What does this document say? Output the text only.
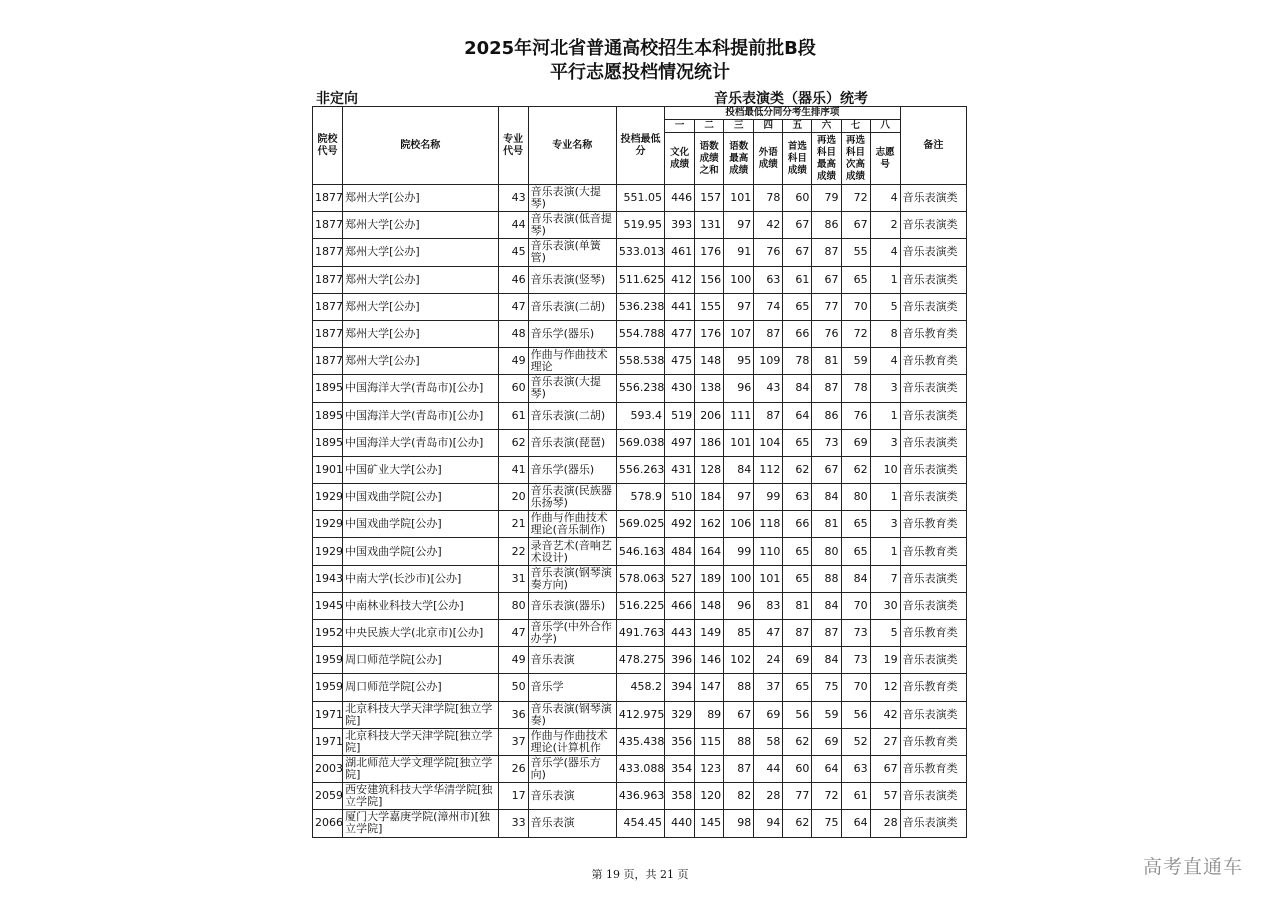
2025年河北省普通高校招生本科提前批B段
平行志愿投档情况统计
非定向	音乐表演类（器乐）统考
院校代号	院校名称	专业代号	专业名称	投档最低分	投档最低分同分考生排序项								备注
					一	二	三	四	五	六	七	八	
					文化成绩	语数成绩之和	语数最高成绩	外语成绩	首选科目成绩	再选科目最高成绩	再选科目次高成绩	志愿号	

1877	郑州大学[公办]	43	音乐表演(大提琴)	551.05	446	157	101	78	60	79	72	4	音乐表演类

1877	郑州大学[公办]	44	音乐表演(低音提琴)	519.95	393	131	97	42	67	86	67	2	音乐表演类

1877	郑州大学[公办]	45	音乐表演(单簧管)	533.013	461	176	91	76	67	87	55	4	音乐表演类

1877	郑州大学[公办]	46	音乐表演(竖琴)	511.625	412	156	100	63	61	67	65	1	音乐表演类

1877	郑州大学[公办]	47	音乐表演(二胡)	536.238	441	155	97	74	65	77	70	5	音乐表演类

1877	郑州大学[公办]	48	音乐学(器乐)	554.788	477	176	107	87	66	76	72	8	音乐教育类

1877	郑州大学[公办]	49	作曲与作曲技术理论	558.538	475	148	95	109	78	81	59	4	音乐教育类

1895	中国海洋大学(青岛市)[公办]	60	音乐表演(大提琴)	556.238	430	138	96	43	84	87	78	3	音乐表演类

1895	中国海洋大学(青岛市)[公办]	61	音乐表演(二胡)	593.4	519	206	111	87	64	86	76	1	音乐表演类

1895	中国海洋大学(青岛市)[公办]	62	音乐表演(琵琶)	569.038	497	186	101	104	65	73	69	3	音乐表演类

1901	中国矿业大学[公办]	41	音乐学(器乐)	556.263	431	128	84	112	62	67	62	10	音乐表演类

1929	中国戏曲学院[公办]	20	音乐表演(民族器乐扬琴)	578.9	510	184	97	99	63	84	80	1	音乐表演类

1929	中国戏曲学院[公办]	21	作曲与作曲技术理论(音乐制作)	569.025	492	162	106	118	66	81	65	3	音乐教育类

1929	中国戏曲学院[公办]	22	录音艺术(音响艺术设计)	546.163	484	164	99	110	65	80	65	1	音乐教育类

1943	中南大学(长沙市)[公办]	31	音乐表演(钢琴演奏方向)	578.063	527	189	100	101	65	88	84	7	音乐表演类

1945	中南林业科技大学[公办]	80	音乐表演(器乐)	516.225	466	148	96	83	81	84	70	30	音乐表演类

1952	中央民族大学(北京市)[公办]	47	音乐学(中外合作办学)	491.763	443	149	85	47	87	87	73	5	音乐教育类

1959	周口师范学院[公办]	49	音乐表演	478.275	396	146	102	24	69	84	73	19	音乐表演类

1959	周口师范学院[公办]	50	音乐学	458.2	394	147	88	37	65	75	70	12	音乐教育类

1971	北京科技大学天津学院[独立学院]	36	音乐表演(钢琴演奏)	412.975	329	89	67	69	56	59	56	42	音乐表演类

1971	北京科技大学天津学院[独立学院]	37	作曲与作曲技术理论(计算机作	435.438	356	115	88	58	62	69	52	27	音乐教育类

2003	湖北师范大学文理学院[独立学院]	26	音乐学(器乐方向)	433.088	354	123	87	44	60	64	63	67	音乐教育类

2059	西安建筑科技大学华清学院[独立学院]	17	音乐表演	436.963	358	120	82	28	77	72	61	57	音乐表演类

2066	厦门大学嘉庚学院(漳州市)[独立学院]	33	音乐表演	454.45	440	145	98	94	62	75	64	28	音乐表演类
第 19 页，共 21 页	高考直通车
